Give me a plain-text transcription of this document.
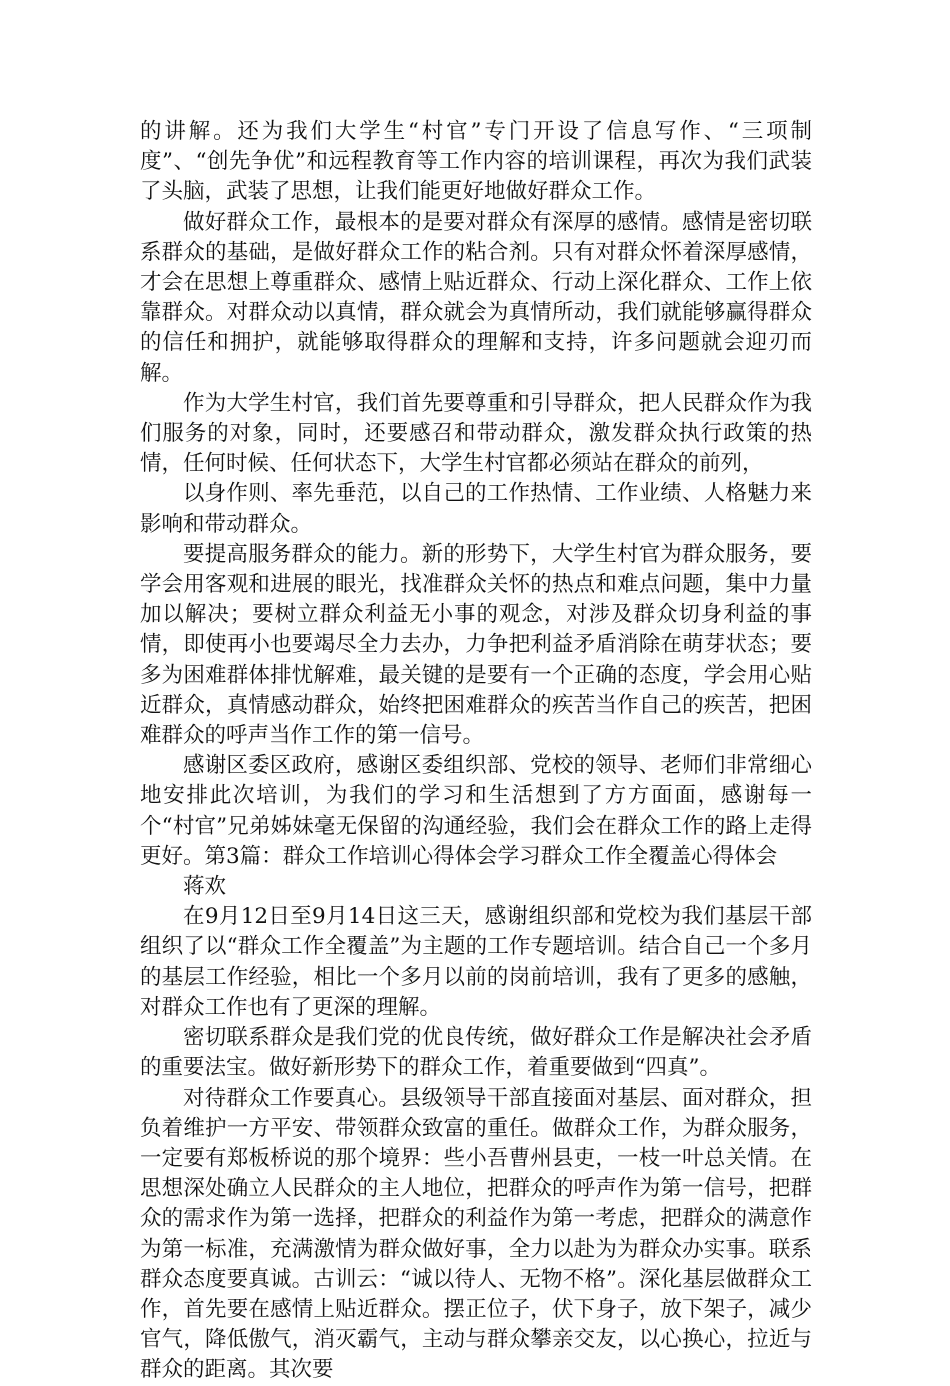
的讲解。还为我们大学生“村官”专门开设了信息写作、“三项制度”、“创先争优”和远程教育等工作内容的培训课程，再次为我们武装了头脑，武装了思想，让我们能更好地做好群众工作。

做好群众工作，最根本的是要对群众有深厚的感情。感情是密切联系群众的基础，是做好群众工作的粘合剂。只有对群众怀着深厚感情，才会在思想上尊重群众、感情上贴近群众、行动上深化群众、工作上依靠群众。对群众动以真情，群众就会为真情所动，我们就能够赢得群众的信任和拥护，就能够取得群众的理解和支持，许多问题就会迎刃而解。

作为大学生村官，我们首先要尊重和引导群众，把人民群众作为我们服务的对象，同时，还要感召和带动群众，激发群众执行政策的热情，任何时候、任何状态下，大学生村官都必须站在群众的前列，

以身作则、率先垂范，以自己的工作热情、工作业绩、人格魅力来影响和带动群众。

要提高服务群众的能力。新的形势下，大学生村官为群众服务，要学会用客观和进展的眼光，找准群众关怀的热点和难点问题，集中力量加以解决；要树立群众利益无小事的观念，对涉及群众切身利益的事情，即使再小也要竭尽全力去办，力争把利益矛盾消除在萌芽状态；要多为困难群体排忧解难，最关键的是要有一个正确的态度，学会用心贴近群众，真情感动群众，始终把困难群众的疾苦当作自己的疾苦，把困难群众的呼声当作工作的第一信号。

感谢区委区政府，感谢区委组织部、党校的领导、老师们非常细心地安排此次培训，为我们的学习和生活想到了方方面面，感谢每一个“村官”兄弟姊妹毫无保留的沟通经验，我们会在群众工作的路上走得更好。第3篇：群众工作培训心得体会学习群众工作全覆盖心得体会

蒋欢

在9月12日至9月14日这三天，感谢组织部和党校为我们基层干部组织了以“群众工作全覆盖”为主题的工作专题培训。结合自己一个多月的基层工作经验，相比一个多月以前的岗前培训，我有了更多的感触，对群众工作也有了更深的理解。

密切联系群众是我们党的优良传统，做好群众工作是解决社会矛盾的重要法宝。做好新形势下的群众工作，着重要做到“四真”。

对待群众工作要真心。县级领导干部直接面对基层、面对群众，担负着维护一方平安、带领群众致富的重任。做群众工作，为群众服务，一定要有郑板桥说的那个境界：些小吾曹州县吏，一枝一叶总关情。在思想深处确立人民群众的主人地位，把群众的呼声作为第一信号，把群众的需求作为第一选择，把群众的利益作为第一考虑，把群众的满意作为第一标准，充满激情为群众做好事，全力以赴为为群众办实事。联系群众态度要真诚。古训云：“诚以待人、无物不格”。深化基层做群众工作，首先要在感情上贴近群众。摆正位子，伏下身子，放下架子，减少官气，降低傲气，消灭霸气，主动与群众攀亲交友，以心换心，拉近与群众的距离。其次要
